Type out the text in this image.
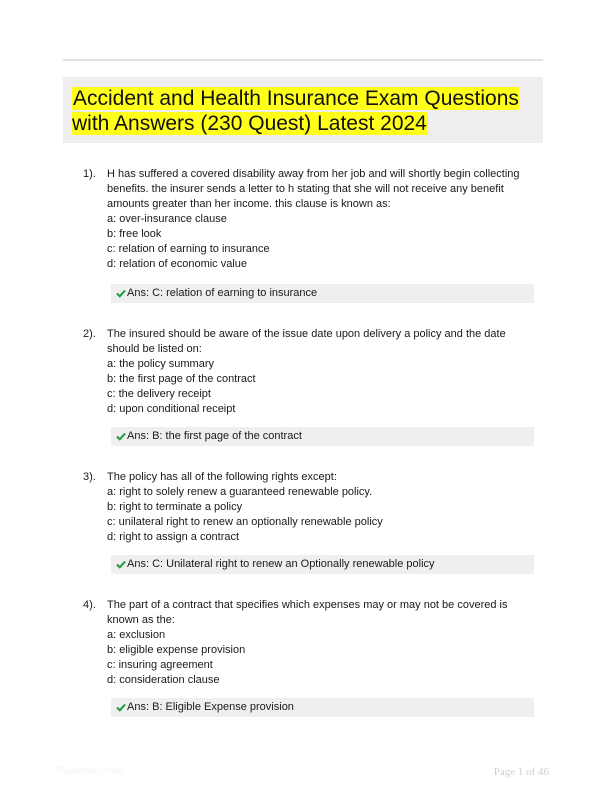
Accident and Health Insurance Exam Questions with Answers (230 Quest) Latest 2024
1). H has suffered a covered disability away from her job and will shortly begin collecting benefits. the insurer sends a letter to h stating that she will not receive any benefit amounts greater than her income. this clause is known as:
a: over-insurance clause
b: free look
c: relation of earning to insurance
d: relation of economic value
Ans: C: relation of earning to insurance
2). The insured should be aware of the issue date upon delivery a policy and the date should be listed on:
a: the policy summary
b: the first page of the contract
c: the delivery receipt
d: upon conditional receipt
Ans: B: the first page of the contract
3). The policy has all of the following rights except:
a: right to solely renew a guaranteed renewable policy.
b: right to terminate a policy
c: unilateral right to renew an optionally renewable policy
d: right to assign a contract
Ans: C: Unilateral right to renew an Optionally renewable policy
4). The part of a contract that specifies which expenses may or may not be covered is known as the:
a: exclusion
b: eligible expense provision
c: insuring agreement
d: consideration clause
Ans: B: Eligible Expense provision
Papersbic.com	Page 1 of 46
